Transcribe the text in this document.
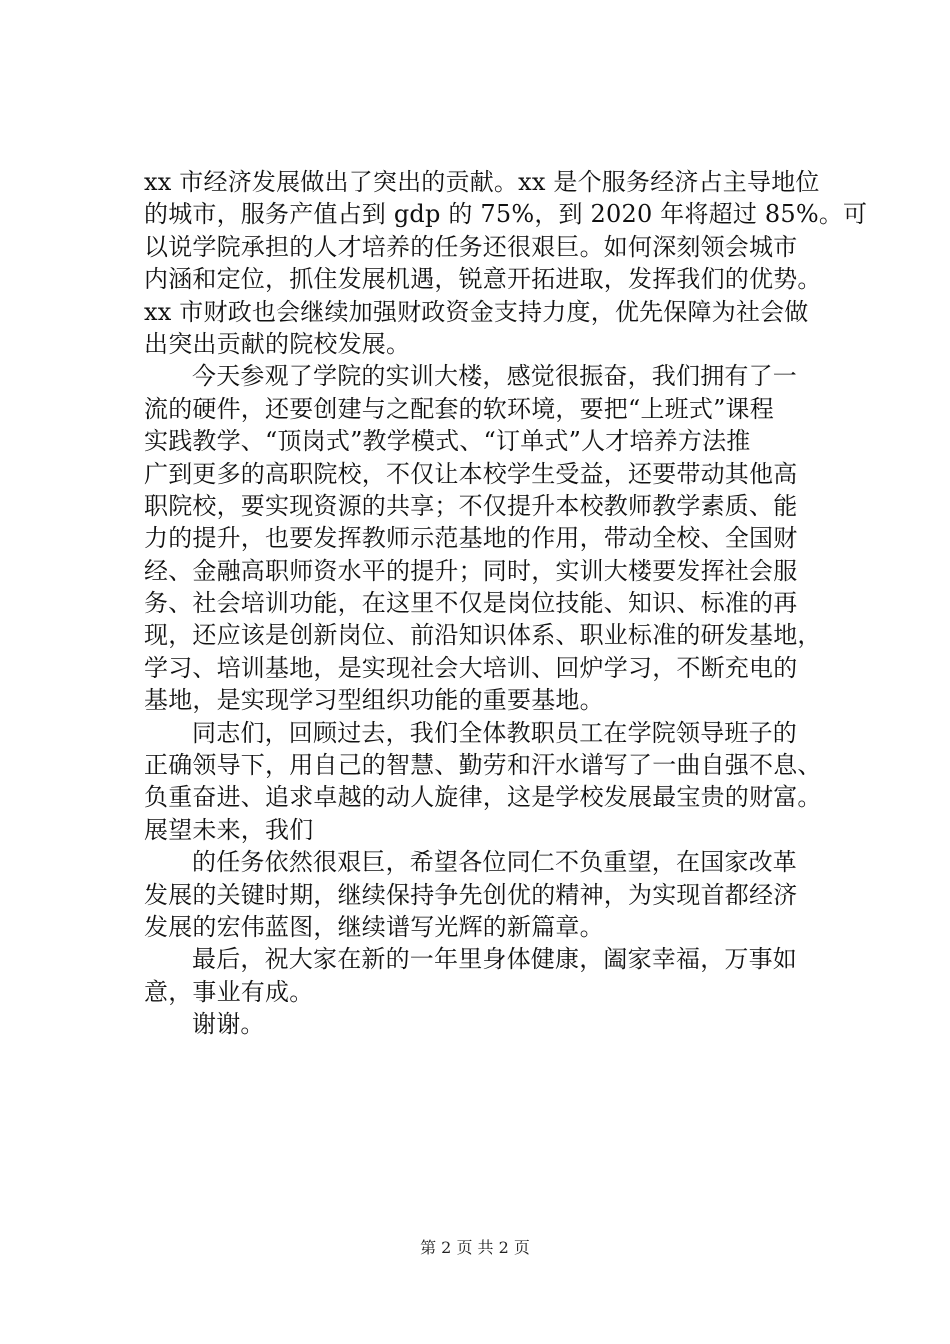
xx 市经济发展做出了突出的贡献。xx 是个服务经济占主导地位
的城市，服务产值占到 gdp 的 75%，到 2020 年将超过 85%。可
以说学院承担的人才培养的任务还很艰巨。如何深刻领会城市
内涵和定位，抓住发展机遇，锐意开拓进取，发挥我们的优势。
xx 市财政也会继续加强财政资金支持力度，优先保障为社会做
出突出贡献的院校发展。
今天参观了学院的实训大楼，感觉很振奋，我们拥有了一
流的硬件，还要创建与之配套的软环境，要把“上班式”课程
实践教学、“顶岗式”教学模式、“订单式”人才培养方法推
广到更多的高职院校，不仅让本校学生受益，还要带动其他高
职院校，要实现资源的共享；不仅提升本校教师教学素质、能
力的提升，也要发挥教师示范基地的作用，带动全校、全国财
经、金融高职师资水平的提升；同时，实训大楼要发挥社会服
务、社会培训功能，在这里不仅是岗位技能、知识、标准的再
现，还应该是创新岗位、前沿知识体系、职业标准的研发基地，
学习、培训基地，是实现社会大培训、回炉学习，不断充电的
基地，是实现学习型组织功能的重要基地。
同志们，回顾过去，我们全体教职员工在学院领导班子的
正确领导下，用自己的智慧、勤劳和汗水谱写了一曲自强不息、
负重奋进、追求卓越的动人旋律，这是学校发展最宝贵的财富。
展望未来，我们
的任务依然很艰巨，希望各位同仁不负重望，在国家改革
发展的关键时期，继续保持争先创优的精神，为实现首都经济
发展的宏伟蓝图，继续谱写光辉的新篇章。
最后，祝大家在新的一年里身体健康，阖家幸福，万事如
意，事业有成。
谢谢。
第 2 页 共 2 页
